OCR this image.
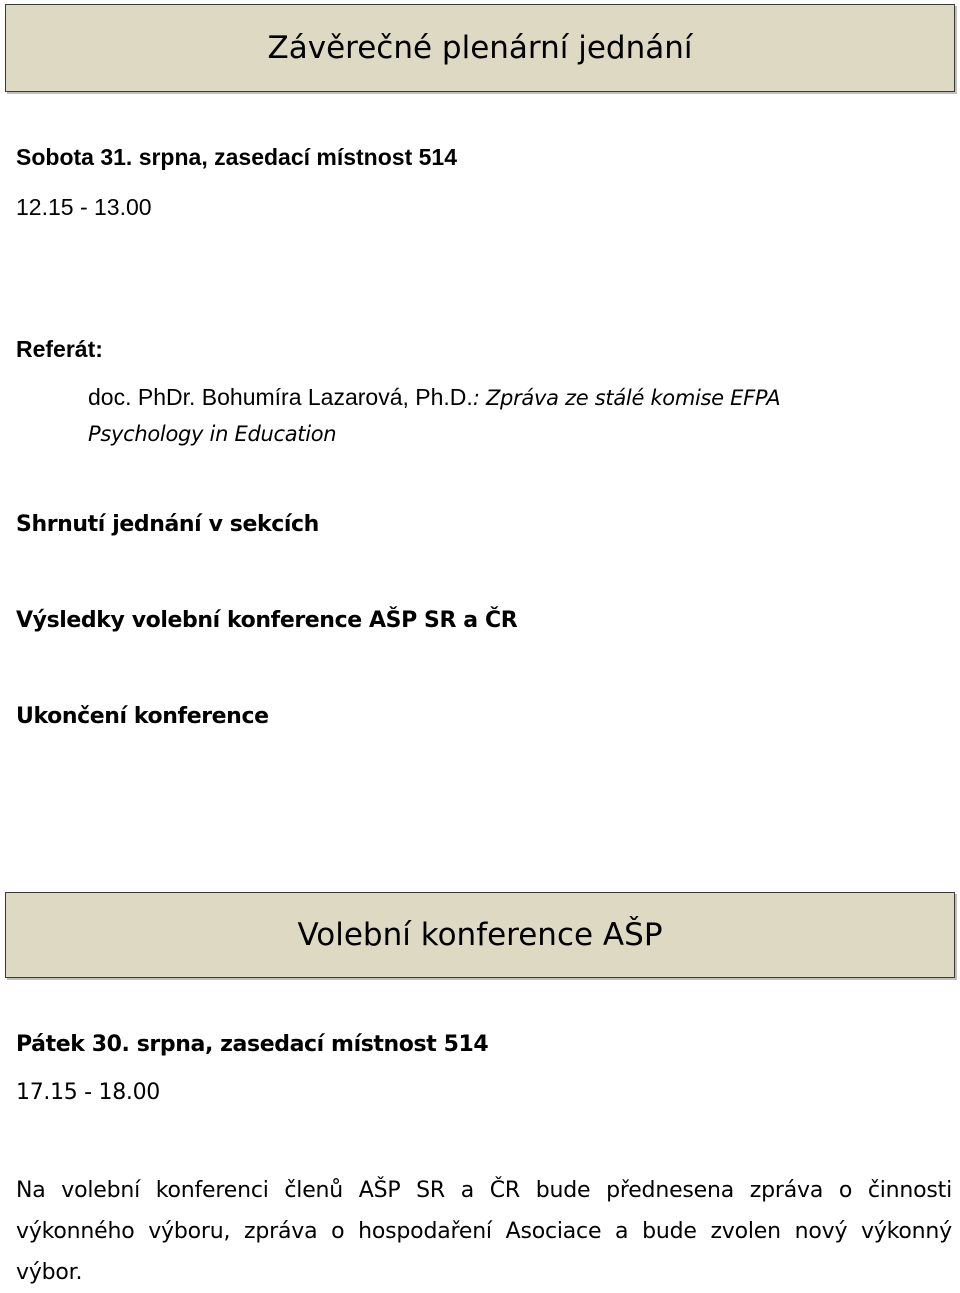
Závěrečné plenární jednání
Sobota 31. srpna, zasedací místnost 514
12.15 - 13.00
Referát:
doc. PhDr. Bohumíra Lazarová, Ph.D.: Zpráva ze stálé komise EFPA Psychology in Education
Shrnutí jednání v sekcích
Výsledky volební konference AŠP SR a ČR
Ukončení konference
Volební konference AŠP
Pátek 30. srpna, zasedací místnost 514
17.15 - 18.00
Na volební konferenci členů AŠP SR a ČR bude přednesena zpráva o činnosti výkonného výboru, zpráva o hospodaření Asociace a bude zvolen nový výkonný výbor.
